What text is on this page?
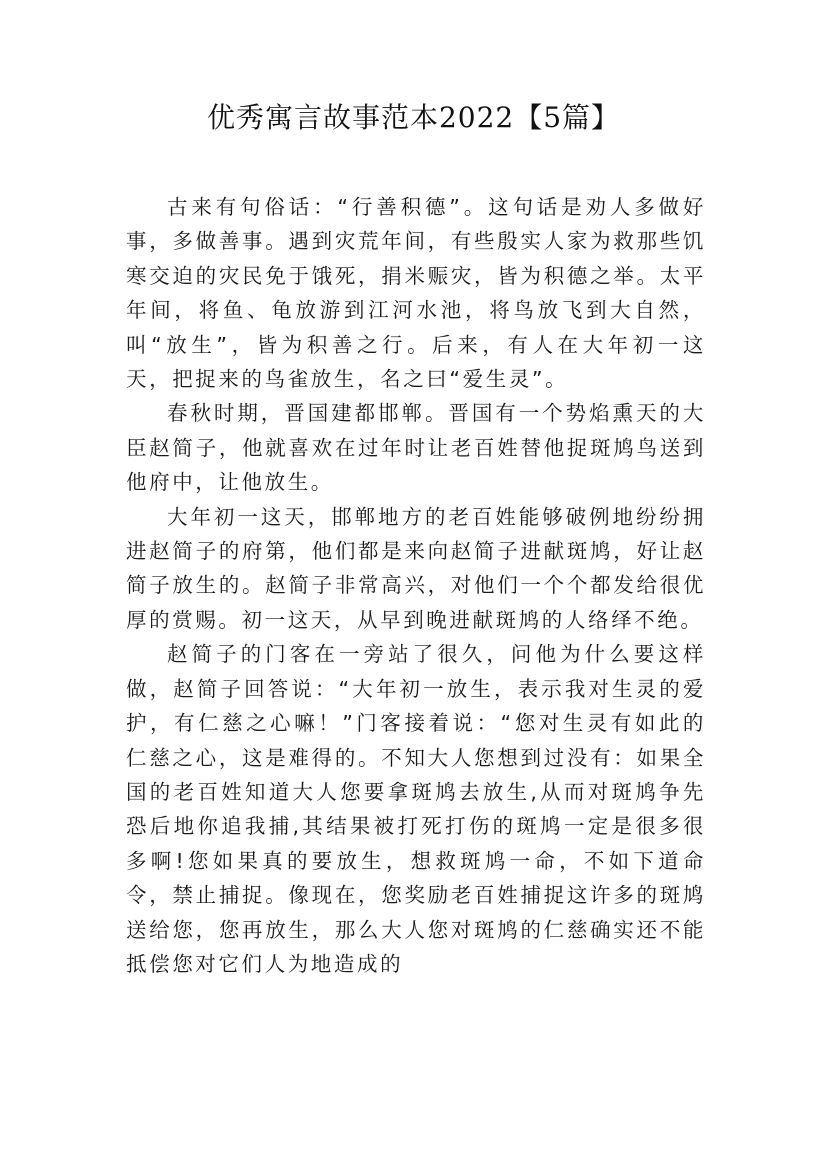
优秀寓言故事范本2022【5篇】

古来有句俗话：“行善积德”。这句话是劝人多做好事，多做善事。遇到灾荒年间，有些殷实人家为救那些饥寒交迫的灾民免于饿死，捐米赈灾，皆为积德之举。太平年间，将鱼、龟放游到江河水池，将鸟放飞到大自然，叫“放生”，皆为积善之行。后来，有人在大年初一这天，把捉来的鸟雀放生，名之曰“爱生灵”。

春秋时期，晋国建都邯郸。晋国有一个势焰熏天的大臣赵简子，他就喜欢在过年时让老百姓替他捉斑鸠鸟送到他府中，让他放生。

大年初一这天，邯郸地方的老百姓能够破例地纷纷拥进赵简子的府第，他们都是来向赵简子进献斑鸠，好让赵简子放生的。赵简子非常高兴，对他们一个个都发给很优厚的赏赐。初一这天，从早到晚进献斑鸠的人络绎不绝。

赵简子的门客在一旁站了很久，问他为什么要这样做，赵简子回答说：“大年初一放生，表示我对生灵的爱护，有仁慈之心嘛！”门客接着说：“您对生灵有如此的仁慈之心，这是难得的。不知大人您想到过没有：如果全国的老百姓知道大人您要拿斑鸠去放生,从而对斑鸠争先恐后地你追我捕,其结果被打死打伤的斑鸠一定是很多很多啊!您如果真的要放生，想救斑鸠一命，不如下道命令，禁止捕捉。像现在，您奖励老百姓捕捉这许多的斑鸠送给您，您再放生，那么大人您对斑鸠的仁慈确实还不能抵偿您对它们人为地造成的
